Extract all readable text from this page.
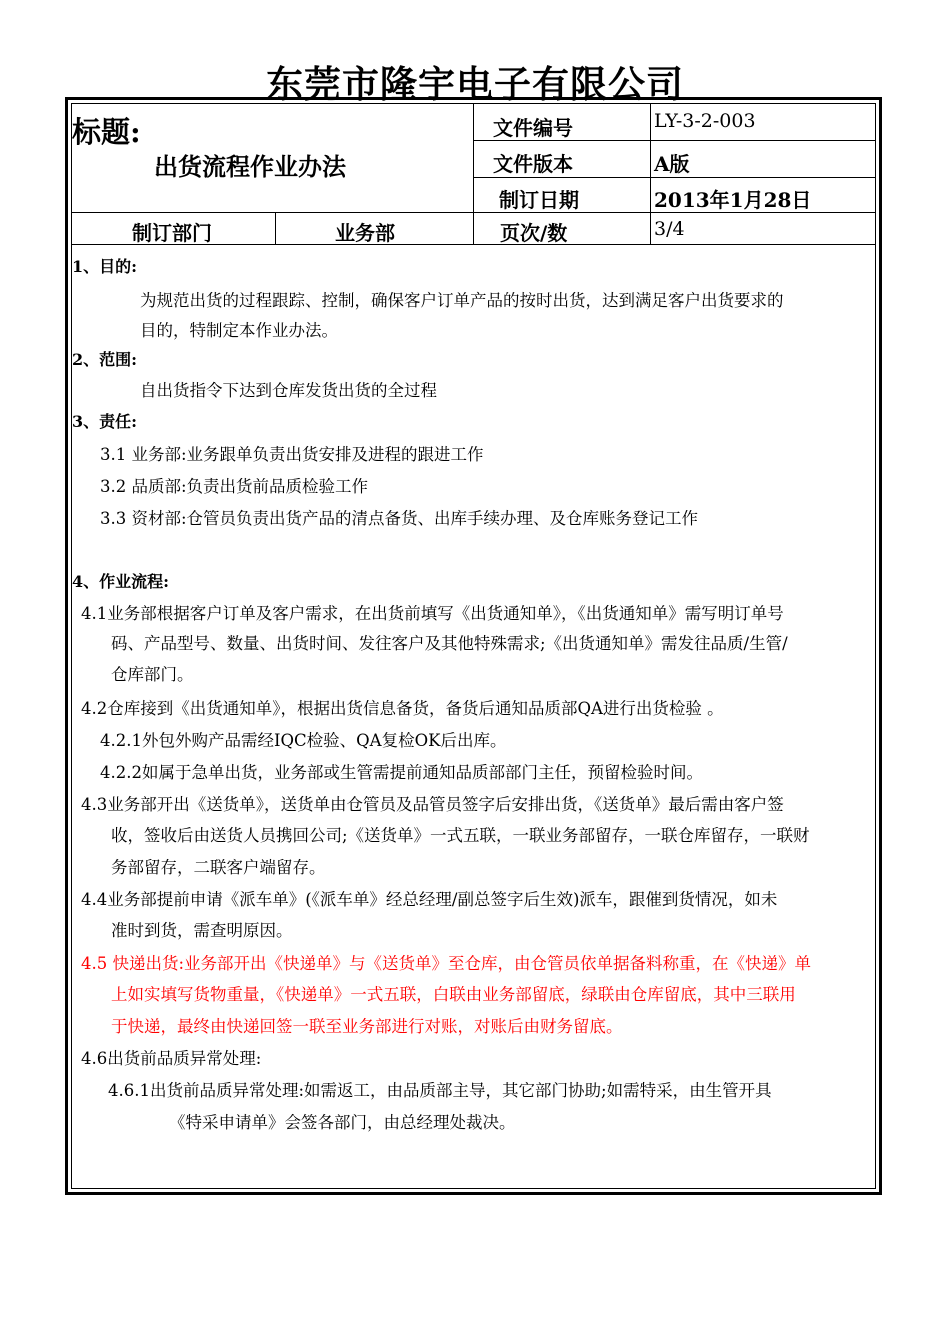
东莞市隆宇电子有限公司
标题:
出货流程作业办法
文件编号	LY-3-2-003
文件版本	A版
制订日期	2013年1月28日
制订部门	业务部	页次/数	3/4
1、目的:
为规范出货的过程跟踪、控制，确保客户订单产品的按时出货，达到满足客户出货要求的
目的，特制定本作业办法。
2、范围:
自出货指令下达到仓库发货出货的全过程
3、责任:
3.1 业务部:业务跟单负责出货安排及进程的跟进工作
3.2 品质部:负责出货前品质检验工作
3.3 资材部:仓管员负责出货产品的清点备货、出库手续办理、及仓库账务登记工作
4、作业流程:
4.1业务部根据客户订单及客户需求，在出货前填写《出货通知单》，《出货通知单》需写明订单号
码、产品型号、数量、出货时间、发往客户及其他特殊需求;《出货通知单》需发往品质/生管/
仓库部门。
4.2仓库接到《出货通知单》，根据出货信息备货，备货后通知品质部QA进行出货检验 。
4.2.1外包外购产品需经IQC检验、QA复检OK后出库。
4.2.2如属于急单出货，业务部或生管需提前通知品质部部门主任，预留检验时间。
4.3业务部开出《送货单》，送货单由仓管员及品管员签字后安排出货，《送货单》最后需由客户签
收，签收后由送货人员携回公司;《送货单》一式五联，一联业务部留存，一联仓库留存，一联财
务部留存，二联客户端留存。
4.4业务部提前申请《派车单》(《派车单》经总经理/副总签字后生效)派车，跟催到货情况，如未
准时到货，需查明原因。
4.5 快递出货:业务部开出《快递单》与《送货单》至仓库，由仓管员依单据备料称重，在《快递》单
上如实填写货物重量，《快递单》一式五联，白联由业务部留底，绿联由仓库留底，其中三联用
于快递，最终由快递回签一联至业务部进行对账，对账后由财务留底。
4.6出货前品质异常处理:
4.6.1出货前品质异常处理:如需返工，由品质部主导，其它部门协助;如需特采，由生管开具
《特采申请单》会签各部门，由总经理处裁决。
